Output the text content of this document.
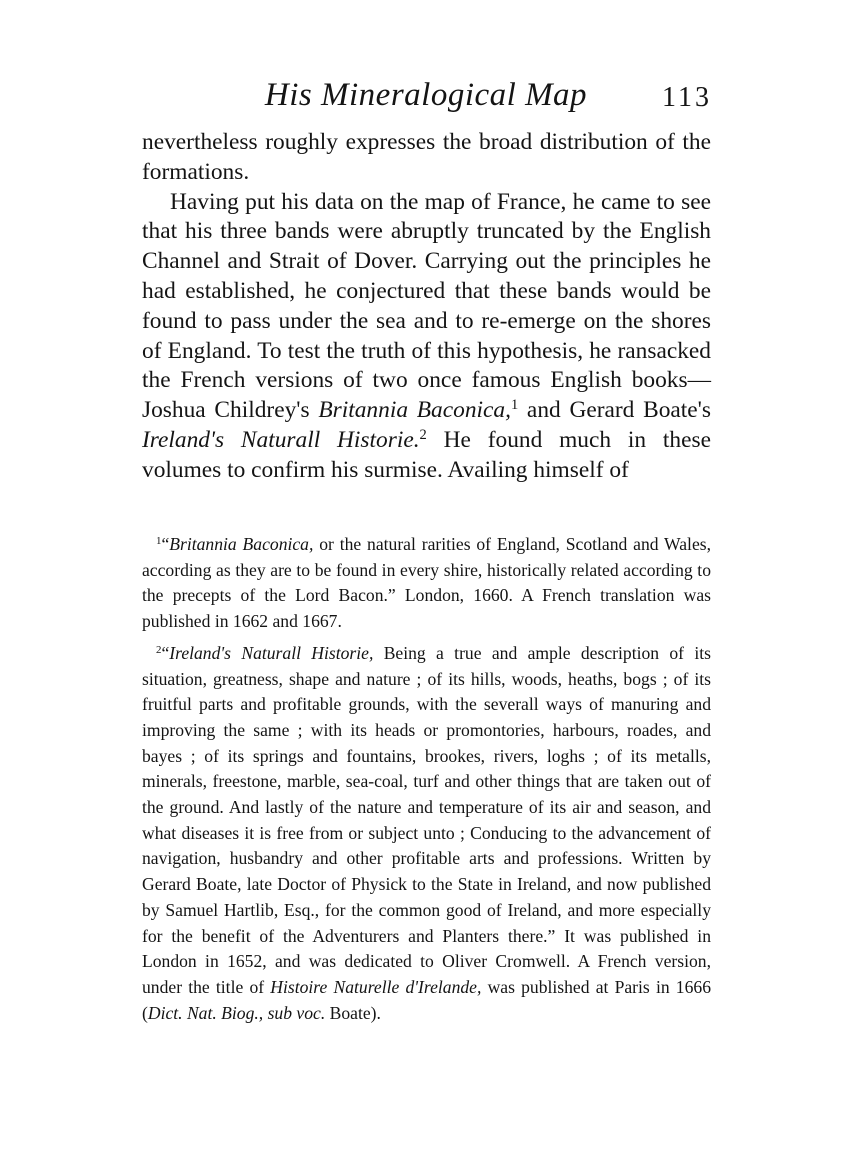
His Mineralogical Map	113

nevertheless roughly expresses the broad distribution of the formations.

Having put his data on the map of France, he came to see that his three bands were abruptly truncated by the English Channel and Strait of Dover. Carrying out the principles he had established, he conjectured that these bands would be found to pass under the sea and to re-emerge on the shores of England. To test the truth of this hypothesis, he ransacked the French versions of two once famous English books—Joshua Childrey's Britannia Baconica,$^1$ and Gerard Boate's Ireland's Naturall Historie.$^2$ He found much in these volumes to confirm his surmise. Availing himself of

$^1$“Britannia Baconica, or the natural rarities of England, Scotland and Wales, according as they are to be found in every shire, historically related according to the precepts of the Lord Bacon.” London, 1660. A French translation was published in 1662 and 1667.

$^2$“Ireland's Naturall Historie, Being a true and ample description of its situation, greatness, shape and nature ; of its hills, woods, heaths, bogs ; of its fruitful parts and profitable grounds, with the severall ways of manuring and improving the same ; with its heads or promontories, harbours, roades, and bayes ; of its springs and fountains, brookes, rivers, loghs ; of its metalls, minerals, freestone, marble, sea-coal, turf and other things that are taken out of the ground. And lastly of the nature and temperature of its air and season, and what diseases it is free from or subject unto ; Conducing to the advancement of navigation, husbandry and other profitable arts and professions. Written by Gerard Boate, late Doctor of Physick to the State in Ireland, and now published by Samuel Hartlib, Esq., for the common good of Ireland, and more especially for the benefit of the Adventurers and Planters there.” It was published in London in 1652, and was dedicated to Oliver Cromwell. A French version, under the title of Histoire Naturelle d'Irelande, was published at Paris in 1666 (Dict. Nat. Biog., sub voc. Boate).
